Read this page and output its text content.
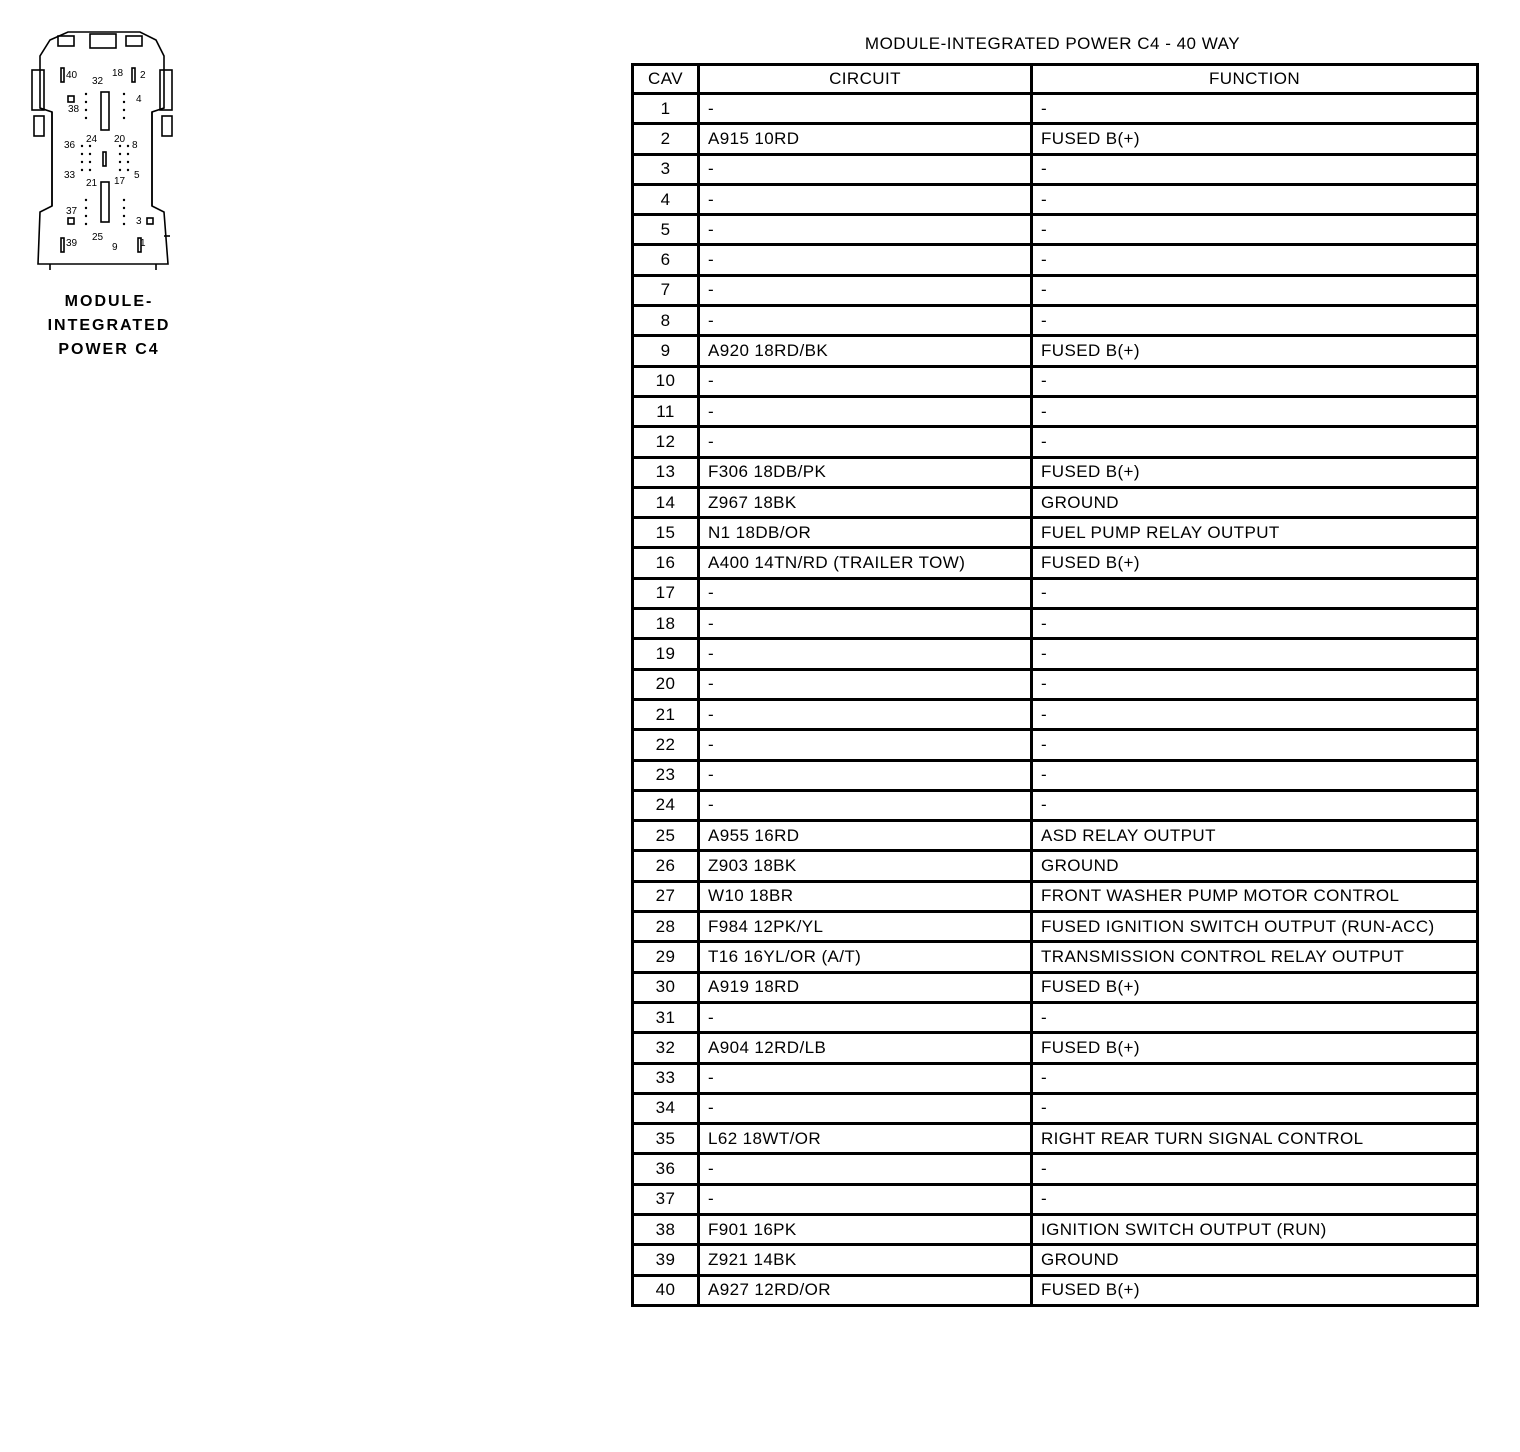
40
32
18 2
38
4
36
24 20
8
33
21 17
5
37
3
39
25
9 1
MODULE-
INTEGRATED
POWER C4
MODULE-INTEGRATED POWER C4 - 40 WAY
CAV	CIRCUIT	FUNCTION
1	-	-
2	A915 10RD	FUSED B(+)
3	-	-
4	-	-
5	-	-
6	-	-
7	-	-
8	-	-
9	A920 18RD/BK	FUSED B(+)
10	-	-
11	-	-
12	-	-
13	F306 18DB/PK	FUSED B(+)
14	Z967 18BK	GROUND
15	N1 18DB/OR	FUEL PUMP RELAY OUTPUT
16	A400 14TN/RD (TRAILER TOW)	FUSED B(+)
17	-	-
18	-	-
19	-	-
20	-	-
21	-	-
22	-	-
23	-	-
24	-	-
25	A955 16RD	ASD RELAY OUTPUT
26	Z903 18BK	GROUND
27	W10 18BR	FRONT WASHER PUMP MOTOR CONTROL
28	F984 12PK/YL	FUSED IGNITION SWITCH OUTPUT (RUN-ACC)
29	T16 16YL/OR (A/T)	TRANSMISSION CONTROL RELAY OUTPUT
30	A919 18RD	FUSED B(+)
31	-	-
32	A904 12RD/LB	FUSED B(+)
33	-	-
34	-	-
35	L62 18WT/OR	RIGHT REAR TURN SIGNAL CONTROL
36	-	-
37	-	-
38	F901 16PK	IGNITION SWITCH OUTPUT (RUN)
39	Z921 14BK	GROUND
40	A927 12RD/OR	FUSED B(+)
